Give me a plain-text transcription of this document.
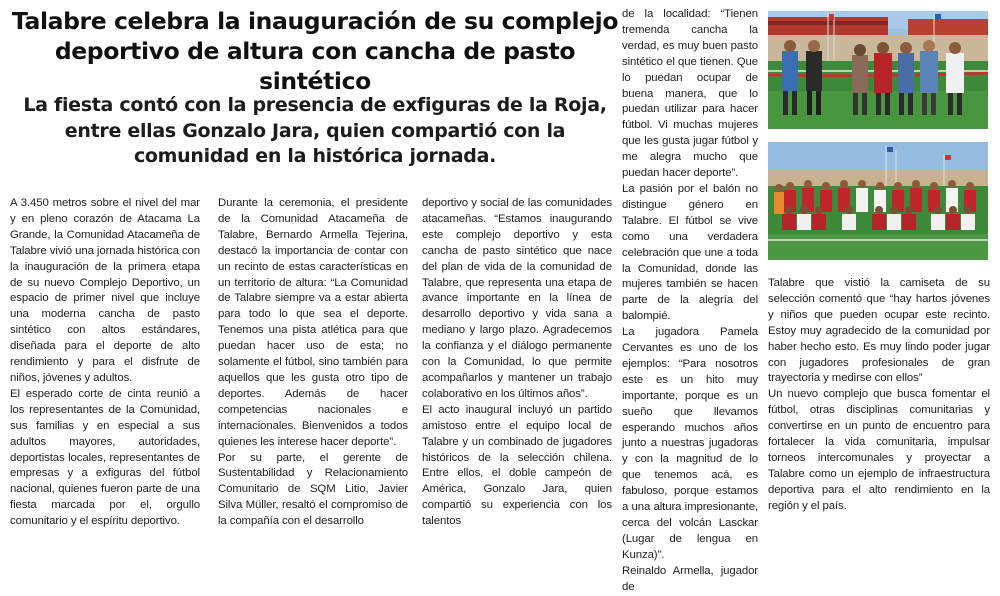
Talabre celebra la inauguración de su complejo deportivo de altura con cancha de pasto sintético
La fiesta contó con la presencia de exfiguras de la Roja, entre ellas Gonzalo Jara, quien compartió con la comunidad en la histórica jornada.

A 3.450 metros sobre el nivel del mar y en pleno corazón de Atacama La Grande, la Comunidad Atacameña de Talabre vivió una jornada histórica con la inauguración de la primera etapa de su nuevo Complejo Deportivo, un espacio de primer nivel que incluye una moderna cancha de pasto sintético con altos estándares, diseñada para el deporte de alto rendimiento y para el disfrute de niños, jóvenes y adultos.

El esperado corte de cinta reunió a los representantes de la Comunidad, sus familias y en especial a sus adultos mayores, autoridades, deportistas locales, representantes de empresas y a exfiguras del fútbol nacional, quienes fueron parte de una fiesta marcada por el, orgullo comunitario y el espíritu deportivo.

Durante la ceremonia, el presidente de la Comunidad Atacameña de Talabre, Bernardo Armella Tejerina, destacó la importancia de contar con un recinto de estas características en un territorio de altura: “La Comunidad de Talabre siempre va a estar abierta para todo lo que sea el deporte. Tenemos una pista atlética para que puedan hacer uso de esta; no solamente el fútbol, sino también para aquellos que les gusta otro tipo de deportes. Además de hacer competencias nacionales e internacionales. Bienvenidos a todos quienes les interese hacer deporte”.

Por su parte, el gerente de Sustentabilidad y Relacionamiento Comunitario de SQM Litio, Javier Silva Müller, resaltó el compromiso de la compañía con el desarrollo

deportivo y social de las comunidades atacameñas. “Estamos inaugurando este complejo deportivo y esta cancha de pasto sintético que nace del plan de vida de la comunidad de Talabre, que representa una etapa de avance importante en la línea de desarrollo deportivo y vida sana a mediano y largo plazo. Agradecemos la confianza y el diálogo permanente con la Comunidad, lo que permite acompañarlos y mantener un trabajo colaborativo en los últimos años”.

El acto inaugural incluyó un partido amistoso entre el equipo local de Talabre y un combinado de jugadores históricos de la selección chilena. Entre ellos, el doble campeón de América, Gonzalo Jara, quien compartió su experiencia con los talentos

de la localidad: “Tienen tremenda cancha la verdad, es muy buen pasto sintético el que tienen. Que lo puedan ocupar de buena manera, que lo puedan utilizar para hacer fútbol. Vi muchas mujeres que les gusta jugar fútbol y me alegra mucho que puedan hacer deporte”.

La pasión por el balón no distingue género en Talabre. El fútbol se vive como una verdadera celebración que une a toda la Comunidad, donde las mujeres también se hacen parte de la alegría del balompié.

La jugadora Pamela Cervantes es uno de los ejemplos: “Para nosotros este es un hito muy importante, porque es un sueño que llevamos esperando muchos años junto a nuestras jugadoras y con la magnitud de lo que tenemos acá, es fabuloso, porque estamos a una altura impresionante, cerca del volcán Lasckar (Lugar de lengua en Kunza)”.

Reinaldo Armella, jugador de

Talabre que vistió la camiseta de su selección comentó que “hay hartos jóvenes y niños que pueden ocupar este recinto. Estoy muy agradecido de la comunidad por haber hecho esto. Es muy lindo poder jugar con jugadores profesionales de gran trayectoria y medirse con ellos”

Un nuevo complejo que busca fomentar el fútbol, otras disciplinas comunitarias y convertirse en un punto de encuentro para fortalecer la vida comunitaria, impulsar torneos intercomunales y proyectar a Talabre como un ejemplo de infraestructura deportiva para el alto rendimiento en la región y el país.
